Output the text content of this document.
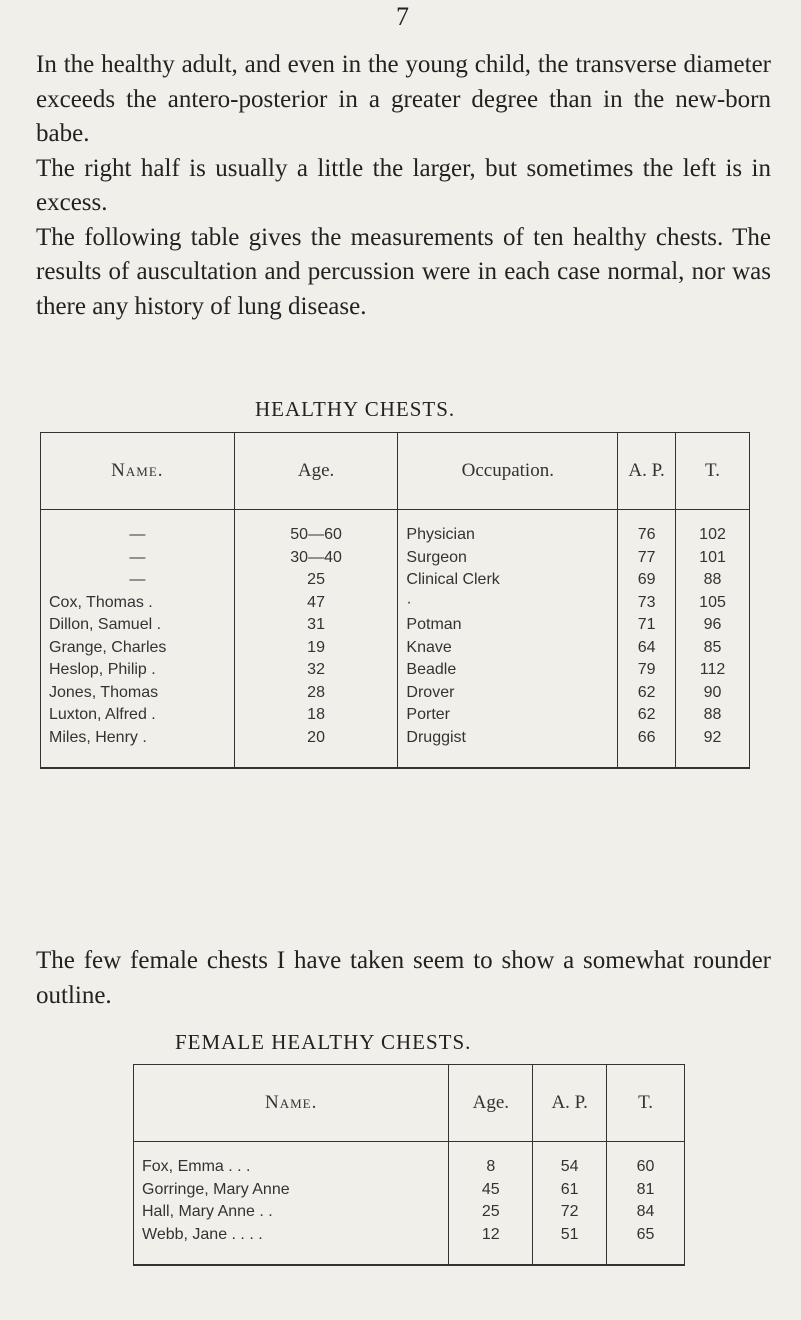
7

In the healthy adult, and even in the young child, the transverse diameter exceeds the antero-posterior in a greater degree than in the new-born babe.

The right half is usually a little the larger, but sometimes the left is in excess.

The following table gives the measurements of ten healthy chests. The results of auscultation and percussion were in each case normal, nor was there any history of lung disease.

HEALTHY CHESTS.
Name.	Age.	Occupation.	A. P.	T.
—	50—60	Physician	76	102
—	30—40	Surgeon	77	101
—	25	Clinical Clerk	69	88
Cox, Thomas .	47	·	73	105
Dillon, Samuel .	31	Potman	71	96
Grange, Charles	19	Knave	64	85
Heslop, Philip .	32	Beadle	79	112
Jones, Thomas	28	Drover	62	90
Luxton, Alfred .	18	Porter	62	88
Miles, Henry .	20	Druggist	66	92
The few female chests I have taken seem to show a somewhat rounder outline.
FEMALE HEALTHY CHESTS.
Name.	Age.	A. P.	T.
Fox, Emma . . .	8	54	60
Gorringe, Mary Anne	45	61	81
Hall, Mary Anne . .	25	72	84
Webb, Jane . . . .	12	51	65
